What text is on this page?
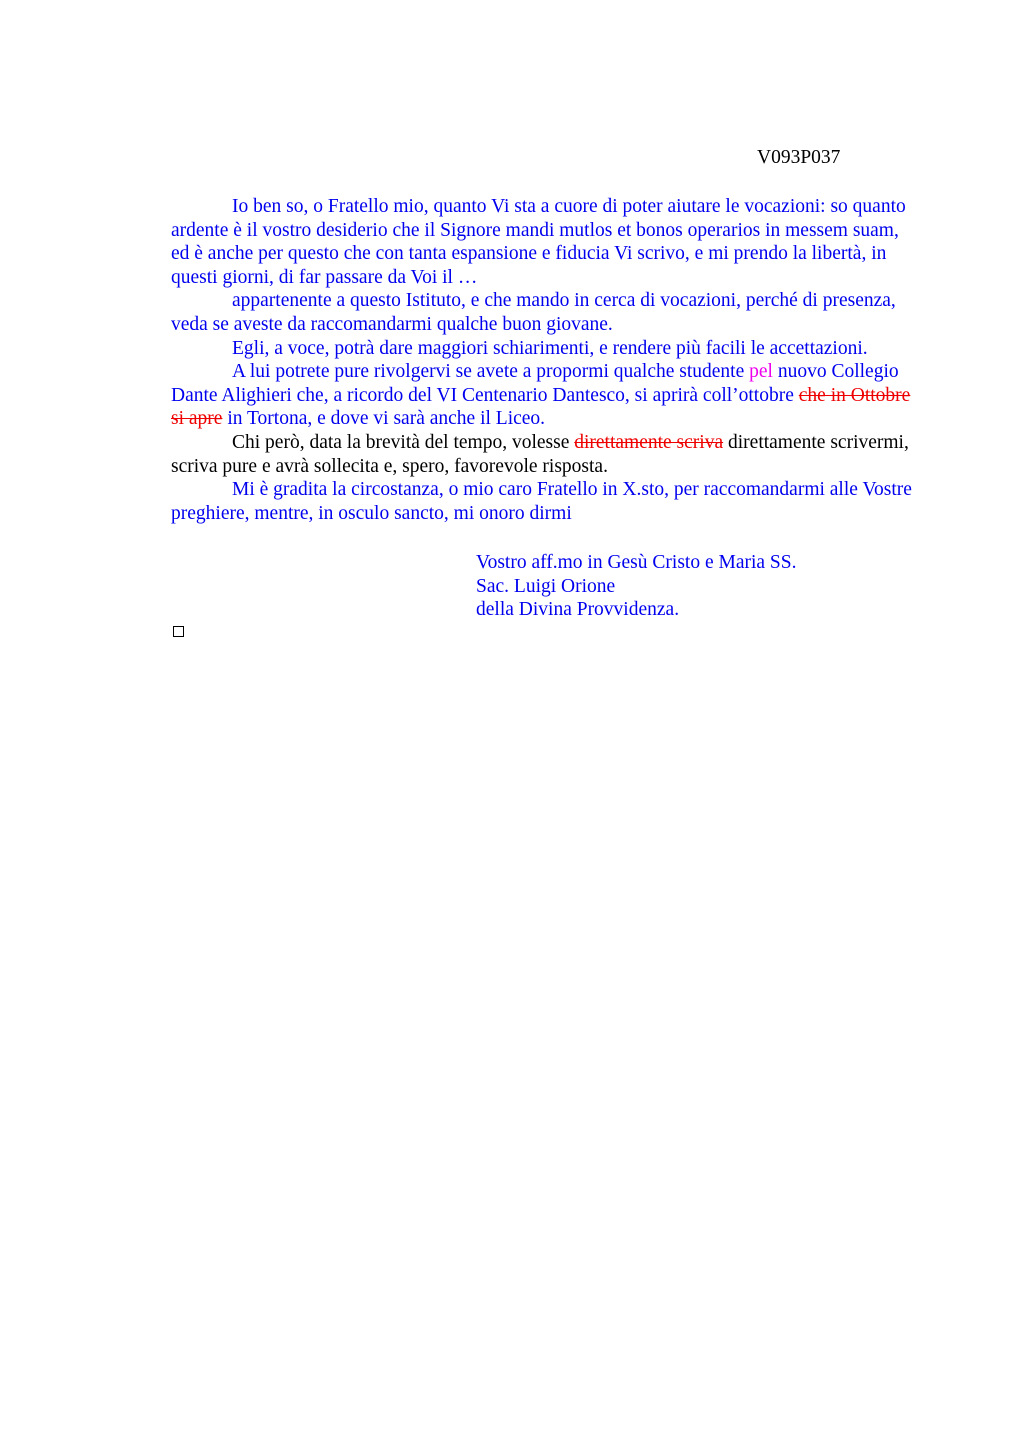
V093P037

Io ben so, o Fratello mio, quanto Vi sta a cuore di poter aiutare le vocazioni: so quanto ardente è il vostro desiderio che il Signore mandi mutlos et bonos operarios in messem suam, ed è anche per questo che con tanta espansione e fiducia Vi scrivo, e mi prendo la libertà, in questi giorni, di far passare da Voi il …

appartenente a questo Istituto, e che mando in cerca di vocazioni, perché di presenza, veda se aveste da raccomandarmi qualche buon giovane.

Egli, a voce, potrà dare maggiori schiarimenti, e rendere più facili le accettazioni.

A lui potrete pure rivolgervi se avete a propormi qualche studente pel nuovo Collegio Dante Alighieri che, a ricordo del VI Centenario Dantesco, si aprirà coll’ottobre che in Ottobre si apre in Tortona, e dove vi sarà anche il Liceo.

Chi però, data la brevità del tempo, volesse direttamente scriva direttamente scrivermi, scriva pure e avrà sollecita e, spero, favorevole risposta.

Mi è gradita la circostanza, o mio caro Fratello in X.sto, per raccomandarmi alle Vostre preghiere, mentre, in osculo sancto, mi onoro dirmi

Vostro aff.mo in Gesù Cristo e Maria SS.
Sac. Luigi Orione
della Divina Provvidenza.
